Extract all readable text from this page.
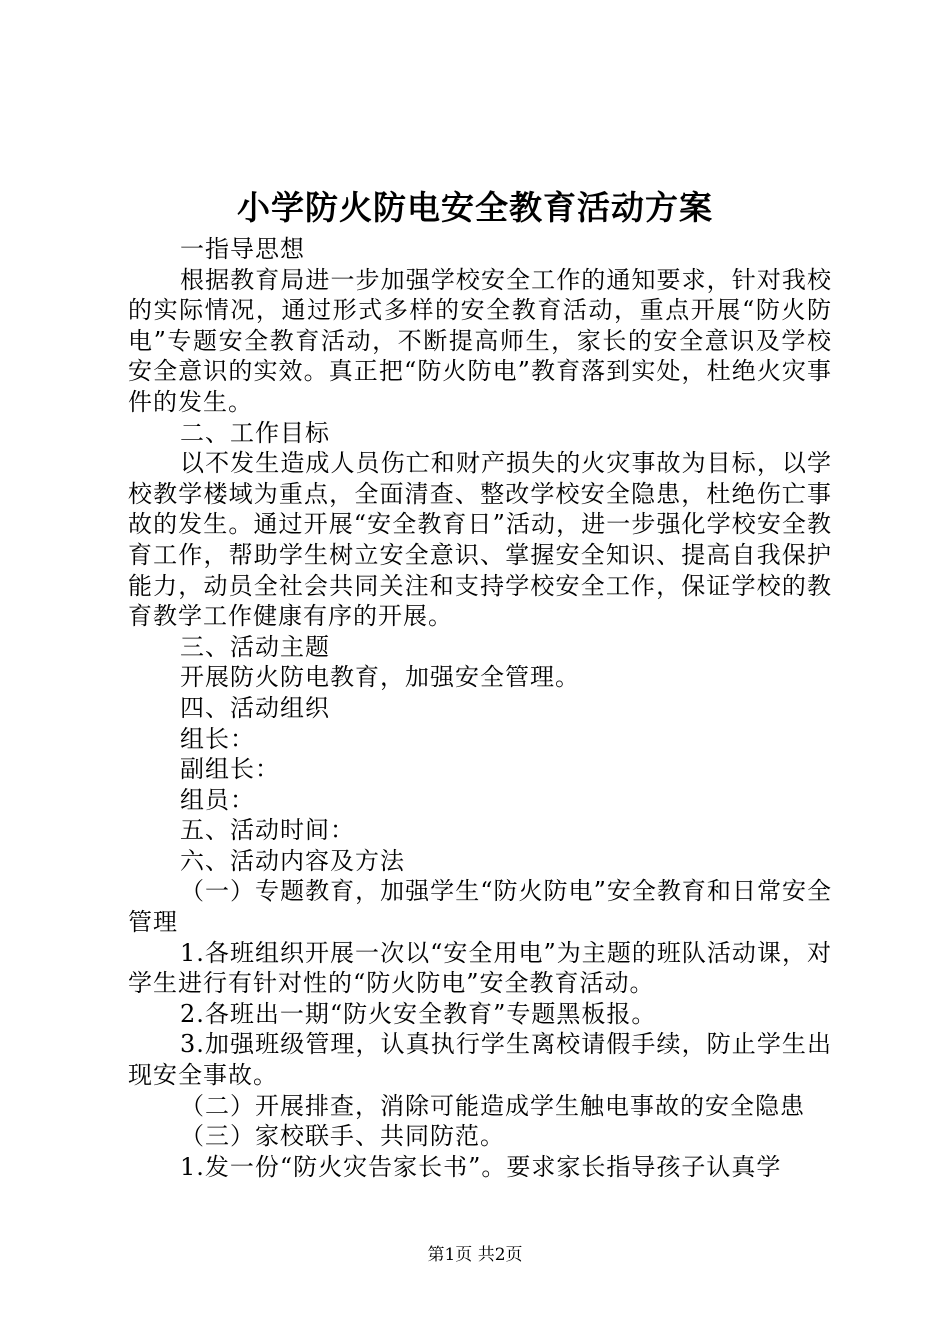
小学防火防电安全教育活动方案

一指导思想

根据教育局进一步加强学校安全工作的通知要求，针对我校的实际情况，通过形式多样的安全教育活动，重点开展“防火防电”专题安全教育活动，不断提高师生，家长的安全意识及学校安全意识的实效。真正把“防火防电”教育落到实处，杜绝火灾事件的发生。

二、工作目标

以不发生造成人员伤亡和财产损失的火灾事故为目标，以学校教学楼域为重点，全面清查、整改学校安全隐患，杜绝伤亡事故的发生。通过开展“安全教育日”活动，进一步强化学校安全教育工作，帮助学生树立安全意识、掌握安全知识、提高自我保护能力，动员全社会共同关注和支持学校安全工作，保证学校的教育教学工作健康有序的开展。

三、活动主题

开展防火防电教育，加强安全管理。

四、活动组织

组长：

副组长：

组员：

五、活动时间：

六、活动内容及方法

（一）专题教育，加强学生“防火防电”安全教育和日常安全管理

1.各班组织开展一次以“安全用电”为主题的班队活动课，对学生进行有针对性的“防火防电”安全教育活动。

2.各班出一期“防火安全教育”专题黑板报。

3.加强班级管理，认真执行学生离校请假手续，防止学生出现安全事故。

（二）开展排查，消除可能造成学生触电事故的安全隐患

（三）家校联手、共同防范。

1.发一份“防火灾告家长书”。要求家长指导孩子认真学

第1页 共2页
